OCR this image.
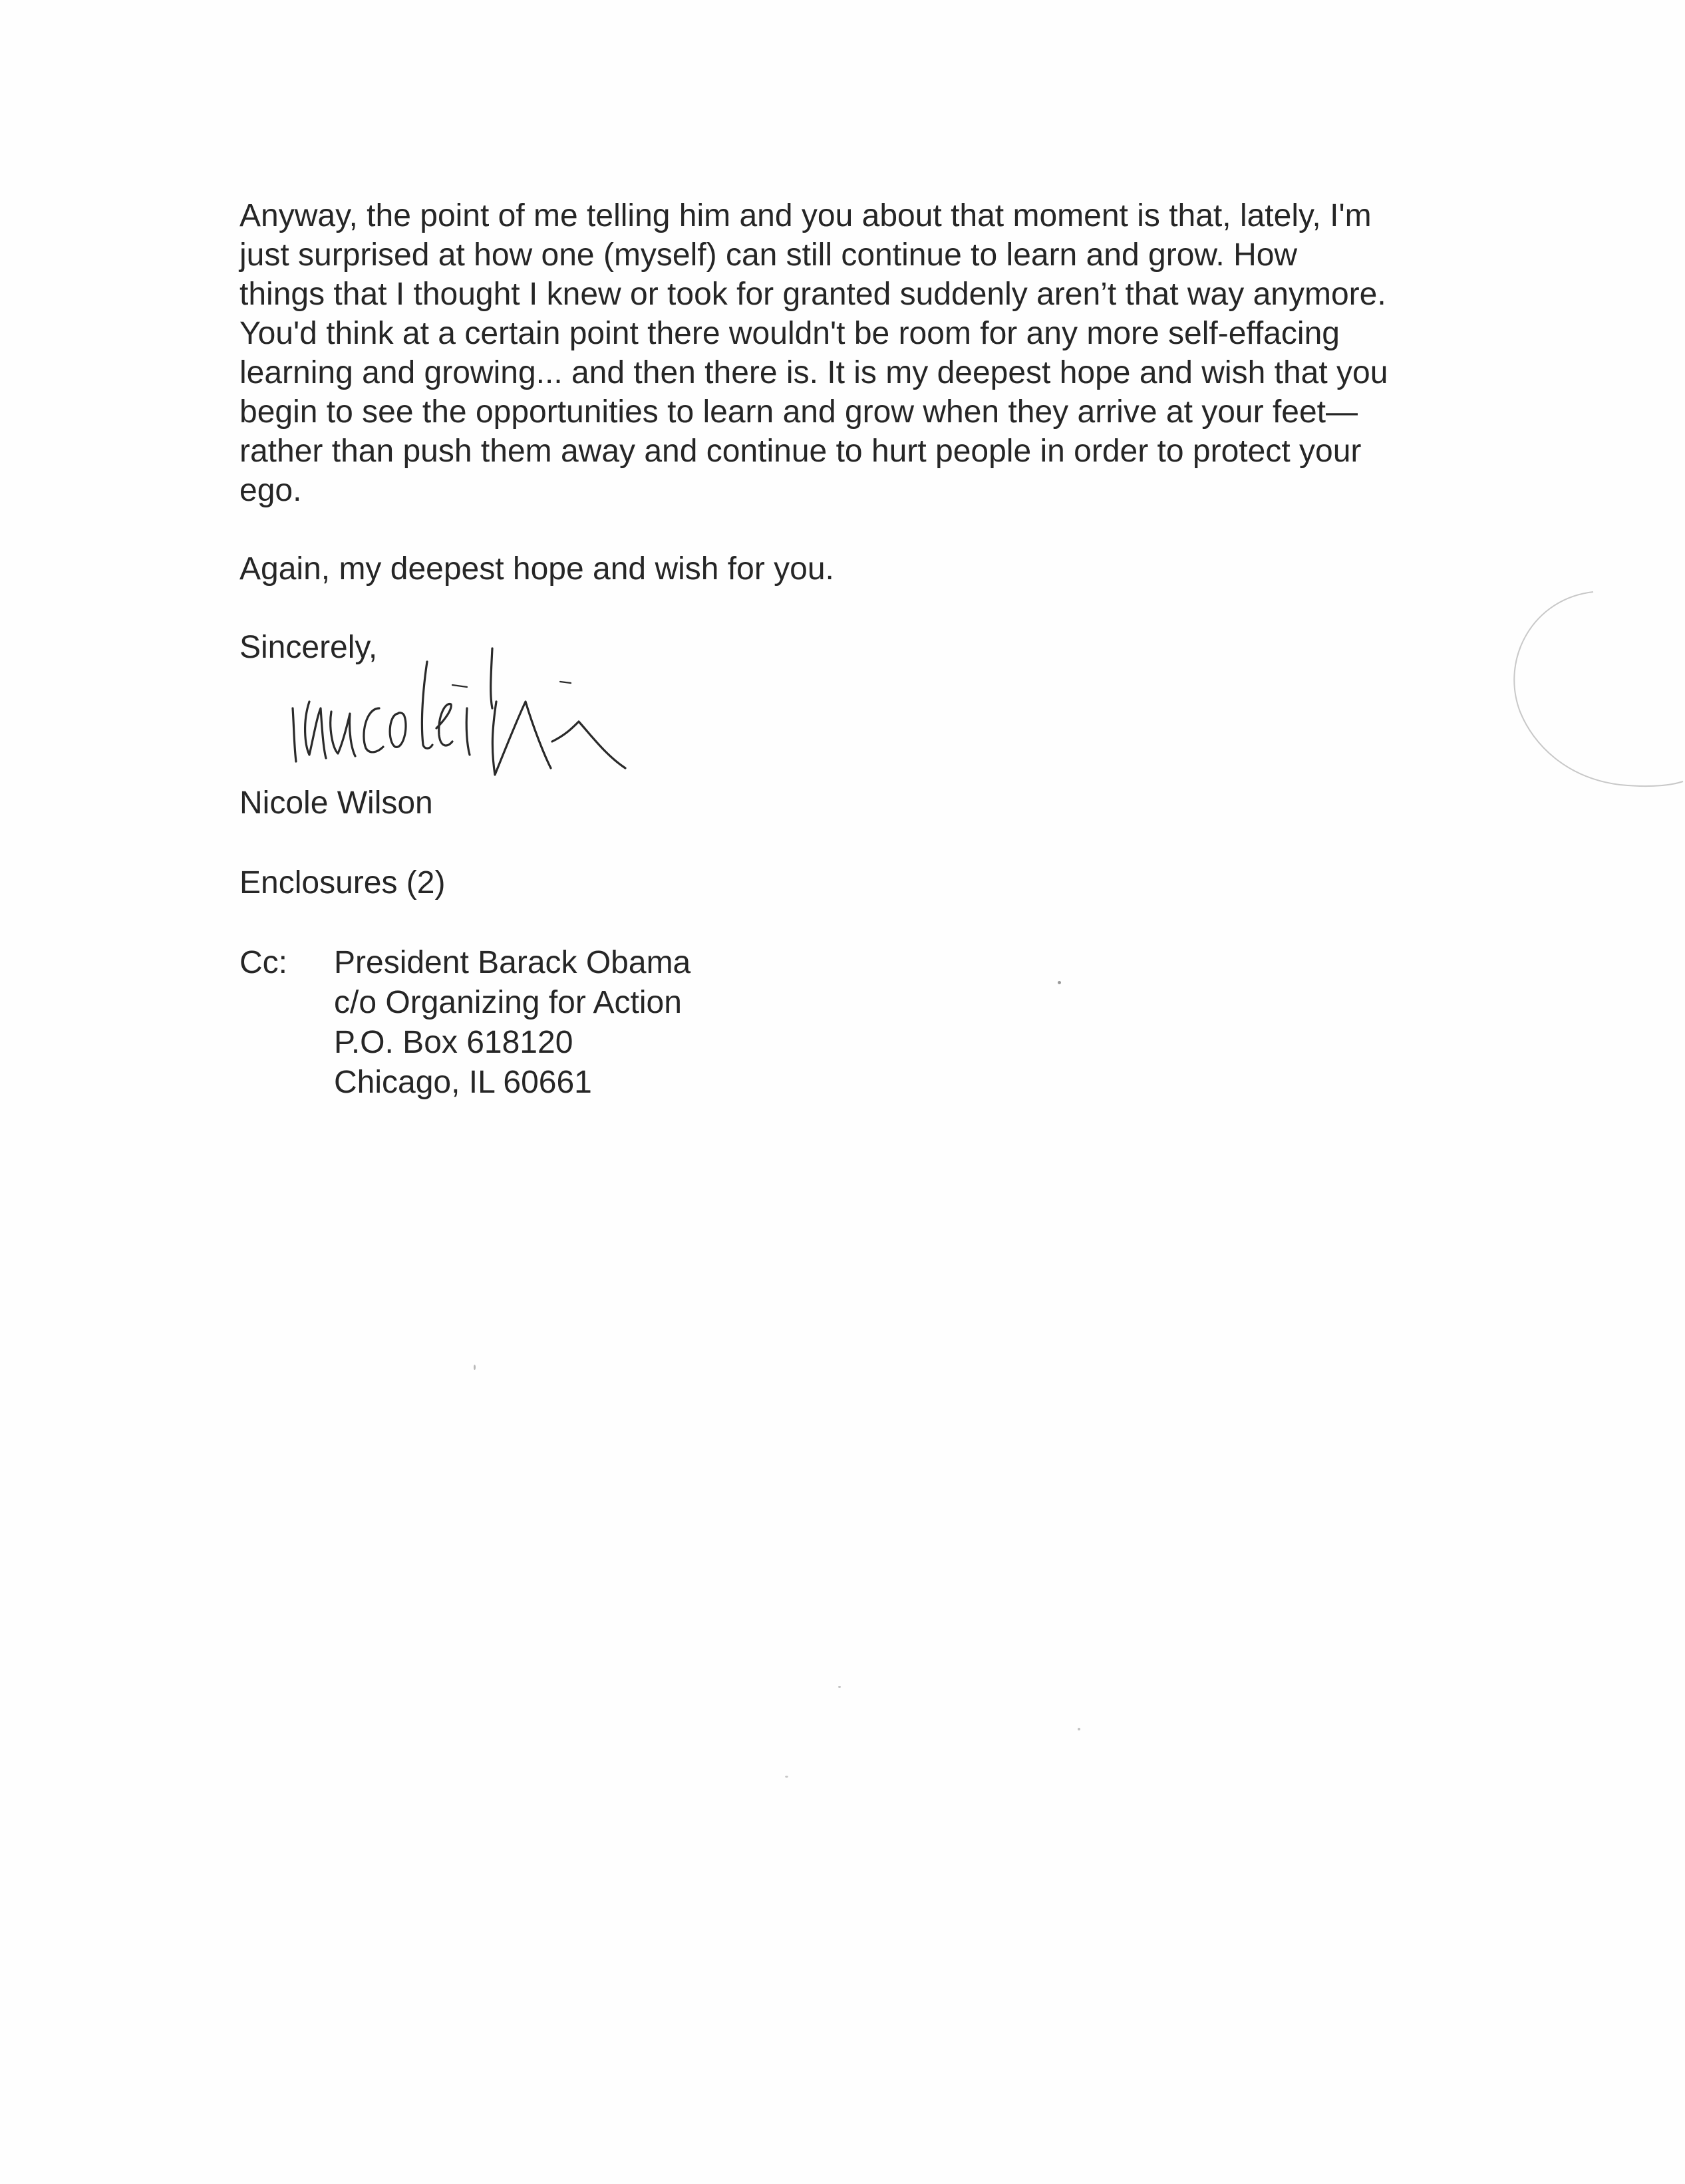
Anyway, the point of me telling him and you about that moment is that, lately, I'm
just surprised at how one (myself) can still continue to learn and grow. How
things that I thought I knew or took for granted suddenly aren’t that way anymore.
You'd think at a certain point there wouldn't be room for any more self-effacing
learning and growing... and then there is. It is my deepest hope and wish that you
begin to see the opportunities to learn and grow when they arrive at your feet—
rather than push them away and continue to hurt people in order to protect your
ego.
Again, my deepest hope and wish for you.
Sincerely,
Nicole Wilson
Enclosures (2)
Cc: President Barack Obama
c/o Organizing for Action
P.O. Box 618120
Chicago, IL 60661
